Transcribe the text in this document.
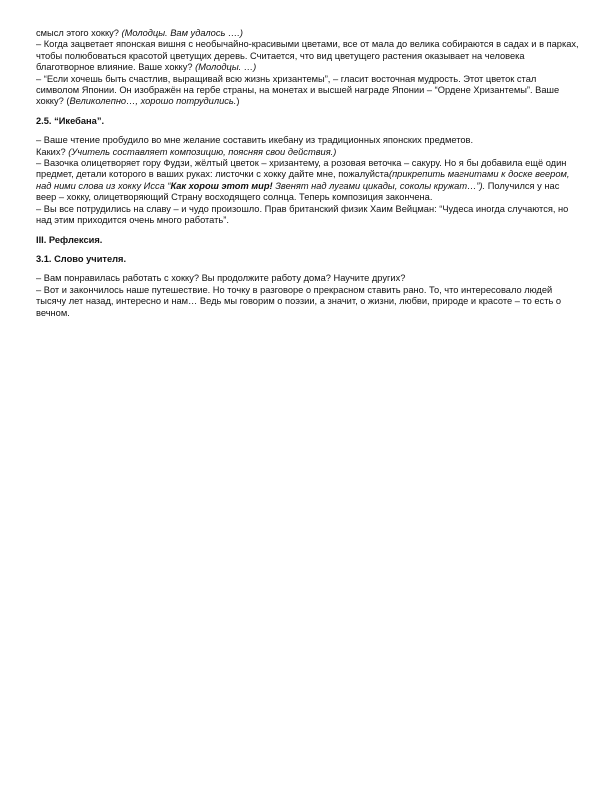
смысл этого хокку? (Молодцы. Вам удалось ….)

– Когда зацветает японская вишня с необычайно-красивыми цветами, все от мала до велика собираются в садах и в парках, чтобы полюбоваться красотой цветущих деревь. Считается, что вид цветущего растения оказывает на человека благотворное влияние. Ваше хокку? (Молодцы. …)

– “Если хочешь быть счастлив, выращивай всю жизнь хризантемы”, – гласит восточная мудрость. Этот цветок стал символом Японии. Он изображён на гербе страны, на монетах и высшей награде Японии – “Ордене Хризантемы”. Ваше хокку? (Великолепно…, хорошо потрудились.)

2.5. “Икебана”.

– Ваше чтение пробудило во мне желание составить икебану из традиционных японских предметов.
Каких? (Учитель составляет композицию, поясняя свои действия.)

– Вазочка олицетворяет гору Фудзи, жёлтый цветок – хризантему, а розовая веточка – сакуру. Но я бы добавила ещё один предмет, детали которого в ваших руках: листочки с хокку дайте мне, пожалуйста(прикрепить магнитами к доске веером, над ними слова из хокку Исса “Как хорош этот мир! Звенят над лугами цикады, соколы кружат…”). Получился у нас веер – хокку, олицетворяющий Страну восходящего солнца. Теперь композиция закончена.

– Вы все потрудились на славу – и чудо произошло. Прав британский физик Хаим Вейцман: “Чудеса иногда случаются, но над этим приходится очень много работать”.

III. Рефлексия.

3.1. Слово учителя.

– Вам понравилась работать с хокку? Вы продолжите работу дома? Научите других?

– Вот и закончилось наше путешествие. Но точку в разговоре о прекрасном ставить рано. То, что интересовало людей тысячу лет назад, интересно и нам… Ведь мы говорим о поэзии, а значит, о жизни, любви, природе и красоте – то есть о вечном.
